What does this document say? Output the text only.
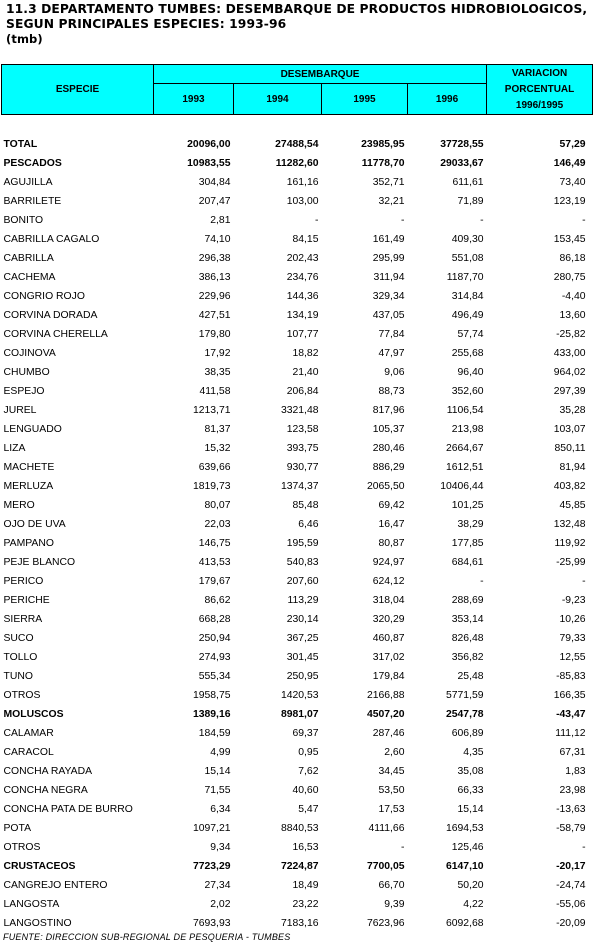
11.3 DEPARTAMENTO TUMBES: DESEMBARQUE DE PRODUCTOS HIDROBIOLOGICOS,
SEGUN PRINCIPALES ESPECIES: 1993-96
(tmb)
ESPECIE	DESEMBARQUE				VARIACION
PORCENTUAL
1996/1995

	1993	1994	1995	1996	

TOTAL	20096,00	27488,54	23985,95	37728,55	57,29
PESCADOS	10983,55	11282,60	11778,70	29033,67	146,49
AGUJILLA	304,84	161,16	352,71	611,61	73,40
BARRILETE	207,47	103,00	32,21	71,89	123,19
BONITO	2,81	-	-	-	-
CABRILLA CAGALO	74,10	84,15	161,49	409,30	153,45
CABRILLA	296,38	202,43	295,99	551,08	86,18
CACHEMA	386,13	234,76	311,94	1187,70	280,75
CONGRIO ROJO	229,96	144,36	329,34	314,84	-4,40
CORVINA DORADA	427,51	134,19	437,05	496,49	13,60
CORVINA CHERELLA	179,80	107,77	77,84	57,74	-25,82
COJINOVA	17,92	18,82	47,97	255,68	433,00
CHUMBO	38,35	21,40	9,06	96,40	964,02
ESPEJO	411,58	206,84	88,73	352,60	297,39
JUREL	1213,71	3321,48	817,96	1106,54	35,28
LENGUADO	81,37	123,58	105,37	213,98	103,07
LIZA	15,32	393,75	280,46	2664,67	850,11
MACHETE	639,66	930,77	886,29	1612,51	81,94
MERLUZA	1819,73	1374,37	2065,50	10406,44	403,82
MERO	80,07	85,48	69,42	101,25	45,85
OJO DE UVA	22,03	6,46	16,47	38,29	132,48
PAMPANO	146,75	195,59	80,87	177,85	119,92
PEJE BLANCO	413,53	540,83	924,97	684,61	-25,99
PERICO	179,67	207,60	624,12	-	-
PERICHE	86,62	113,29	318,04	288,69	-9,23
SIERRA	668,28	230,14	320,29	353,14	10,26
SUCO	250,94	367,25	460,87	826,48	79,33
TOLLO	274,93	301,45	317,02	356,82	12,55
TUNO	555,34	250,95	179,84	25,48	-85,83
OTROS	1958,75	1420,53	2166,88	5771,59	166,35
MOLUSCOS	1389,16	8981,07	4507,20	2547,78	-43,47
CALAMAR	184,59	69,37	287,46	606,89	111,12
CARACOL	4,99	0,95	2,60	4,35	67,31
CONCHA RAYADA	15,14	7,62	34,45	35,08	1,83
CONCHA NEGRA	71,55	40,60	53,50	66,33	23,98
CONCHA PATA DE BURRO	6,34	5,47	17,53	15,14	-13,63
POTA	1097,21	8840,53	4111,66	1694,53	-58,79
OTROS	9,34	16,53	-	125,46	-
CRUSTACEOS	7723,29	7224,87	7700,05	6147,10	-20,17
CANGREJO ENTERO	27,34	18,49	66,70	50,20	-24,74
LANGOSTA	2,02	23,22	9,39	4,22	-55,06
LANGOSTINO	7693,93	7183,16	7623,96	6092,68	-20,09
FUENTE: DIRECCION SUB-REGIONAL DE PESQUERIA - TUMBES
